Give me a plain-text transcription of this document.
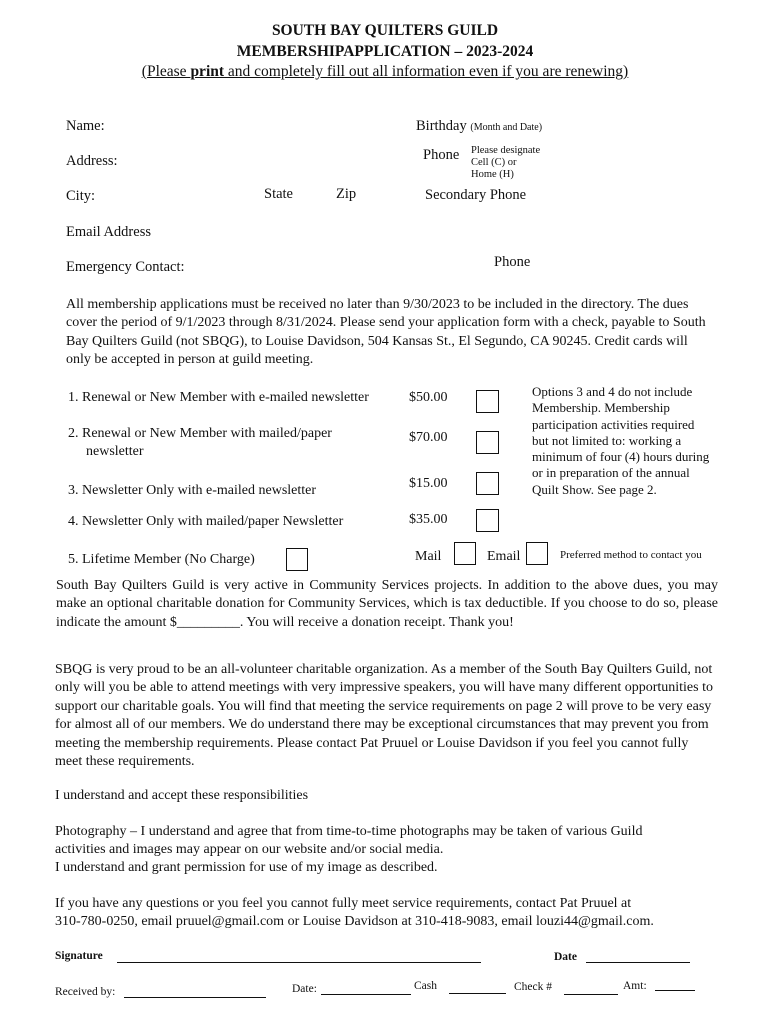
SOUTH BAY QUILTERS GUILD
MEMBERSHIPAPPLICATION – 2023-2024
(Please print and completely fill out all information even if you are renewing)
Name:	Birthday (Month and Date)
Address:	Phone Please designate
Cell (C) or
Home (H)
City:	State	Zip	Secondary Phone
Email Address
Emergency Contact:	Phone
All membership applications must be received no later than 9/30/2023 to be included in the directory. The dues cover the period of 9/1/2023 through 8/31/2024. Please send your application form with a check, payable to South Bay Quilters Guild (not SBQG), to Louise Davidson, 504 Kansas St., El Segundo, CA 90245. Credit cards will only be accepted in person at guild meeting.
1. Renewal or New Member with e-mailed newsletter	$50.00
2. Renewal or New Member with mailed/paper
newsletter
$70.00
3. Newsletter Only with e-mailed newsletter	$15.00
4. Newsletter Only with mailed/paper Newsletter	$35.00
5. Lifetime Member (No Charge)
Options 3 and 4 do not include Membership. Membership participation activities required but not limited to: working a minimum of four (4) hours during or in preparation of the annual Quilt Show. See page 2.
Mail	Email	Preferred method to contact you
South Bay Quilters Guild is very active in Community Services projects. In addition to the above dues, you may make an optional charitable donation for Community Services, which is tax deductible. If you choose to do so, please indicate the amount $_________. You will receive a donation receipt. Thank you!
SBQG is very proud to be an all-volunteer charitable organization. As a member of the South Bay Quilters Guild, not only will you be able to attend meetings with very impressive speakers, you will have many different opportunities to support our charitable goals. You will find that meeting the service requirements on page 2 will prove to be very easy for almost all of our members. We do understand there may be exceptional circumstances that may prevent you from meeting the membership requirements. Please contact Pat Pruuel or Louise Davidson if you feel you cannot fully meet these requirements.
I understand and accept these responsibilities
Photography – I understand and agree that from time-to-time photographs may be taken of various Guild
activities and images may appear on our website and/or social media.
I understand and grant permission for use of my image as described.
If you have any questions or you feel you cannot fully meet service requirements, contact Pat Pruuel at
310-780-0250, email pruuel@gmail.com or Louise Davidson at 310-418-9083, email louzi44@gmail.com.
Signature	Date
Received by:	Date:	Cash	Check #	Amt:
